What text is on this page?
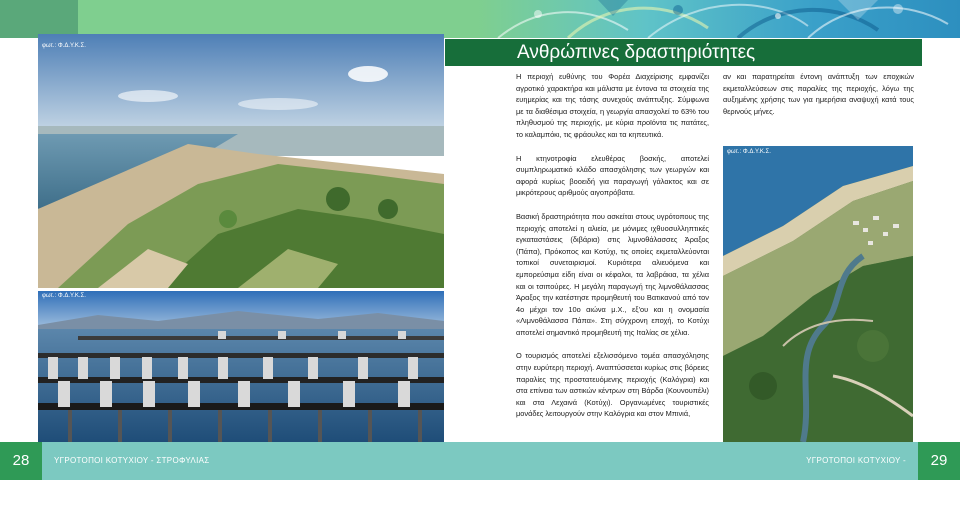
φωτ.: Φ.Δ.Υ.Κ.Σ.
φωτ.: Φ.Δ.Υ.Κ.Σ.
Ανθρώπινες δραστηριότητες

Η περιοχή ευθύνης του Φορέα Διαχείρισης εμφανίζει αγροτικό χαρακτήρα και μάλιστα με έντονα τα στοιχεία της ευημερίας και της τάσης συνεχούς ανάπτυξης. Σύμφωνα με τα διαθέσιμα στοιχεία, η γεωργία απασχολεί το 63% του πληθυσμού της περιοχής, με κύρια προϊόντα τις πατάτες, το καλαμπόκι, τις φράουλες και τα κηπευτικά.

Η κτηνοτροφία ελευθέρας βοσκής, αποτελεί συμπληρωματικό κλάδο απασχόλησης των γεωργών και αφορά κυρίως βοοειδή για παραγωγή γάλακτος και σε μικρότερους αριθμούς αιγοπρόβατα.

Βασική δραστηριότητα που ασκείται στους υγρότοπους της περιοχής αποτελεί η αλιεία, με μόνιμες ιχθυοσυλληπτικές εγκαταστάσεις (διβάρια) στις λιμνοθάλασσες Άραξος (Πάπα), Πρόκοπος και Κοτύχι, τις οποίες εκμεταλλεύονται τοπικοί συνεταιρισμοί. Κυριότερα αλιευόμενα και εμπορεύσιμα είδη είναι οι κέφαλοι, τα λαβράκια, τα χέλια και οι τσιπούρες. Η μεγάλη παραγωγή της λιμνοθάλασσας Άραξος την κατέστησε προμηθευτή του Βατικανού από τον 4ο μέχρι τον 10ο αιώνα μ.Χ., εξ'ου και η ονομασία «Λιμνοθάλασσα Πάπα». Στη σύγχρονη εποχή, το Κοτύχι αποτελεί σημαντικό προμηθευτή της Ιταλίας σε χέλια.

Ο τουρισμός αποτελεί εξελισσόμενο τομέα απασχόλησης στην ευρύτερη περιοχή. Αναπτύσσεται κυρίως στις βόρειες παραλίες της προστατευόμενης περιοχής (Καλόγρια) και στα επίνεια των αστικών κέντρων στη Βάρδα (Κουνουπέλι) και στα Λεχαινά (Κοτύχι). Οργανωμένες τουριστικές μονάδες λειτουργούν στην Καλόγρια και στον Μπινιά,

αν και παρατηρείται έντονη ανάπτυξη των εποχικών εκμεταλλεύσεων στις παραλίες της περιοχής, λόγω της αυξημένης χρήσης των για ημερήσια αναψυχή κατά τους θερινούς μήνες.

φωτ.: Φ.Δ.Υ.Κ.Σ.
28	ΥΓΡΟΤΟΠΟΙ ΚΟΤΥΧΙΟΥ - ΣΤΡΟΦΥΛΙΑΣ	ΥΓΡΟΤΟΠΟΙ ΚΟΤΥΧΙΟΥ - ΣΤΡΟΦΥΛΙΑΣ
29
